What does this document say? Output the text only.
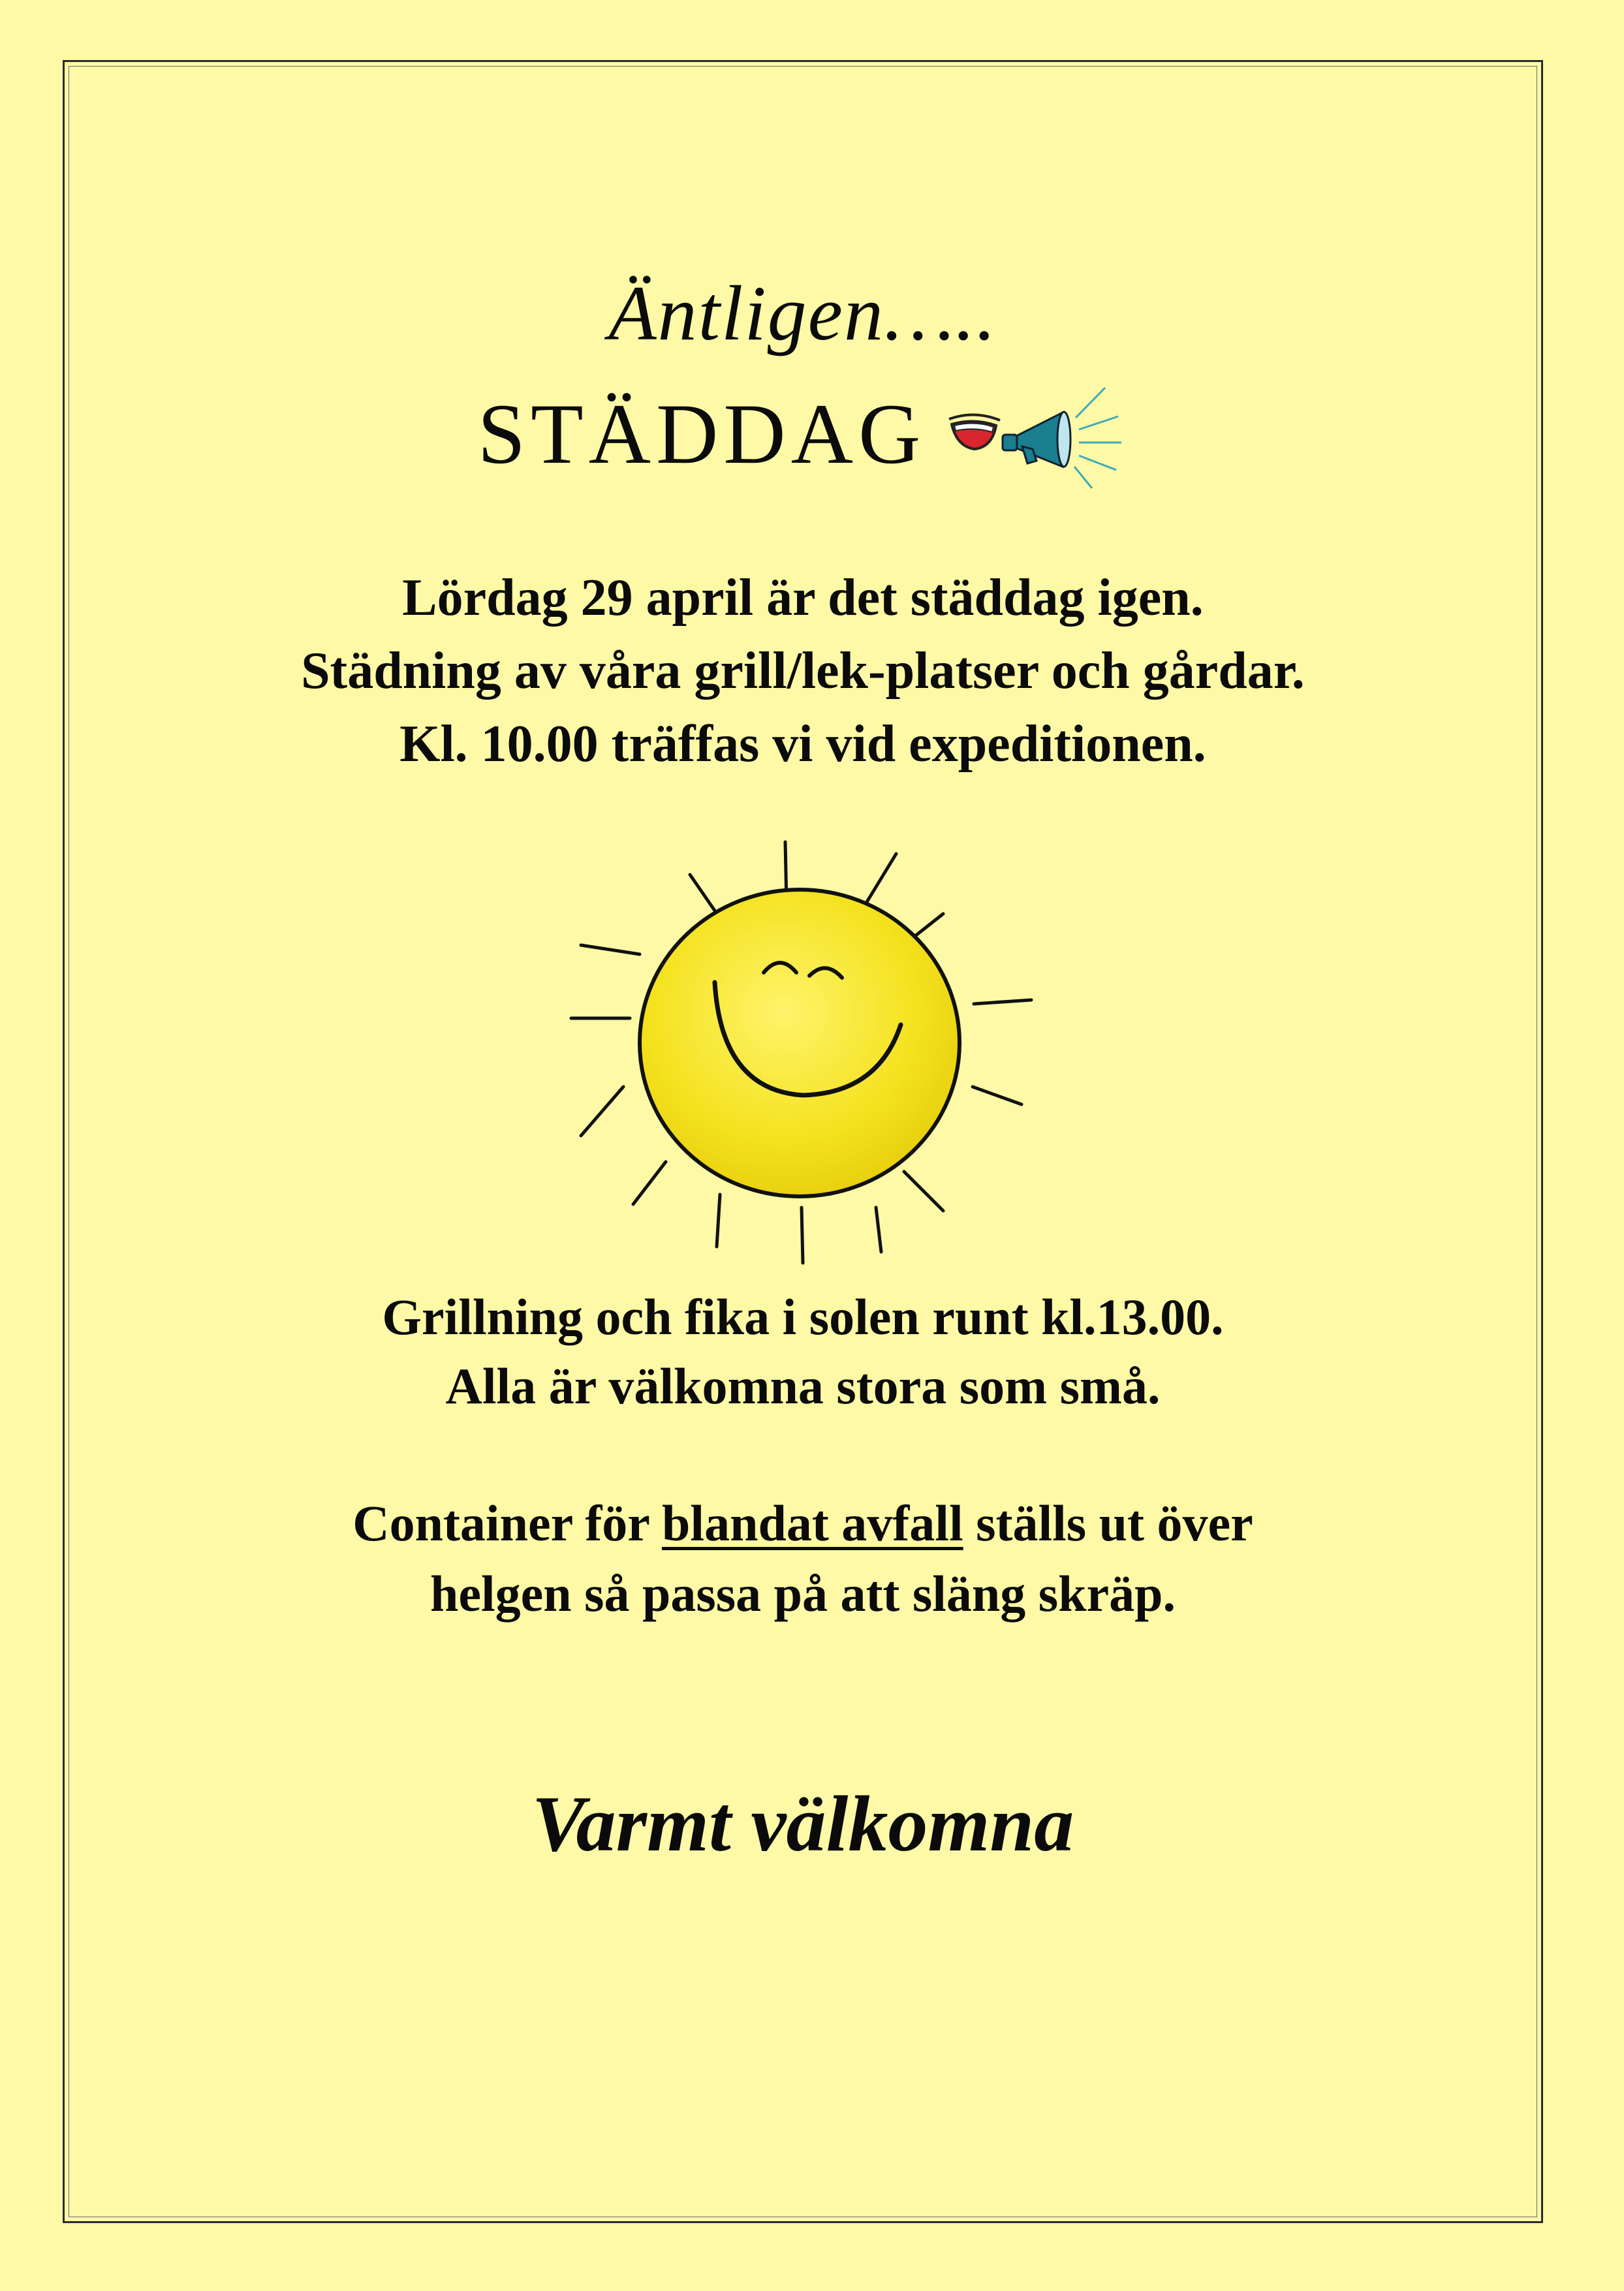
Äntligen…..
STÄDDAG
Lördag 29 april är det städdag igen.
Städning av våra grill/lek-platser och gårdar.
Kl. 10.00 träffas vi vid expeditionen.
Grillning och fika i solen runt kl.13.00.
Alla är välkomna stora som små.
Container för blandat avfall ställs ut över
helgen så passa på att släng skräp.
Varmt välkomna
